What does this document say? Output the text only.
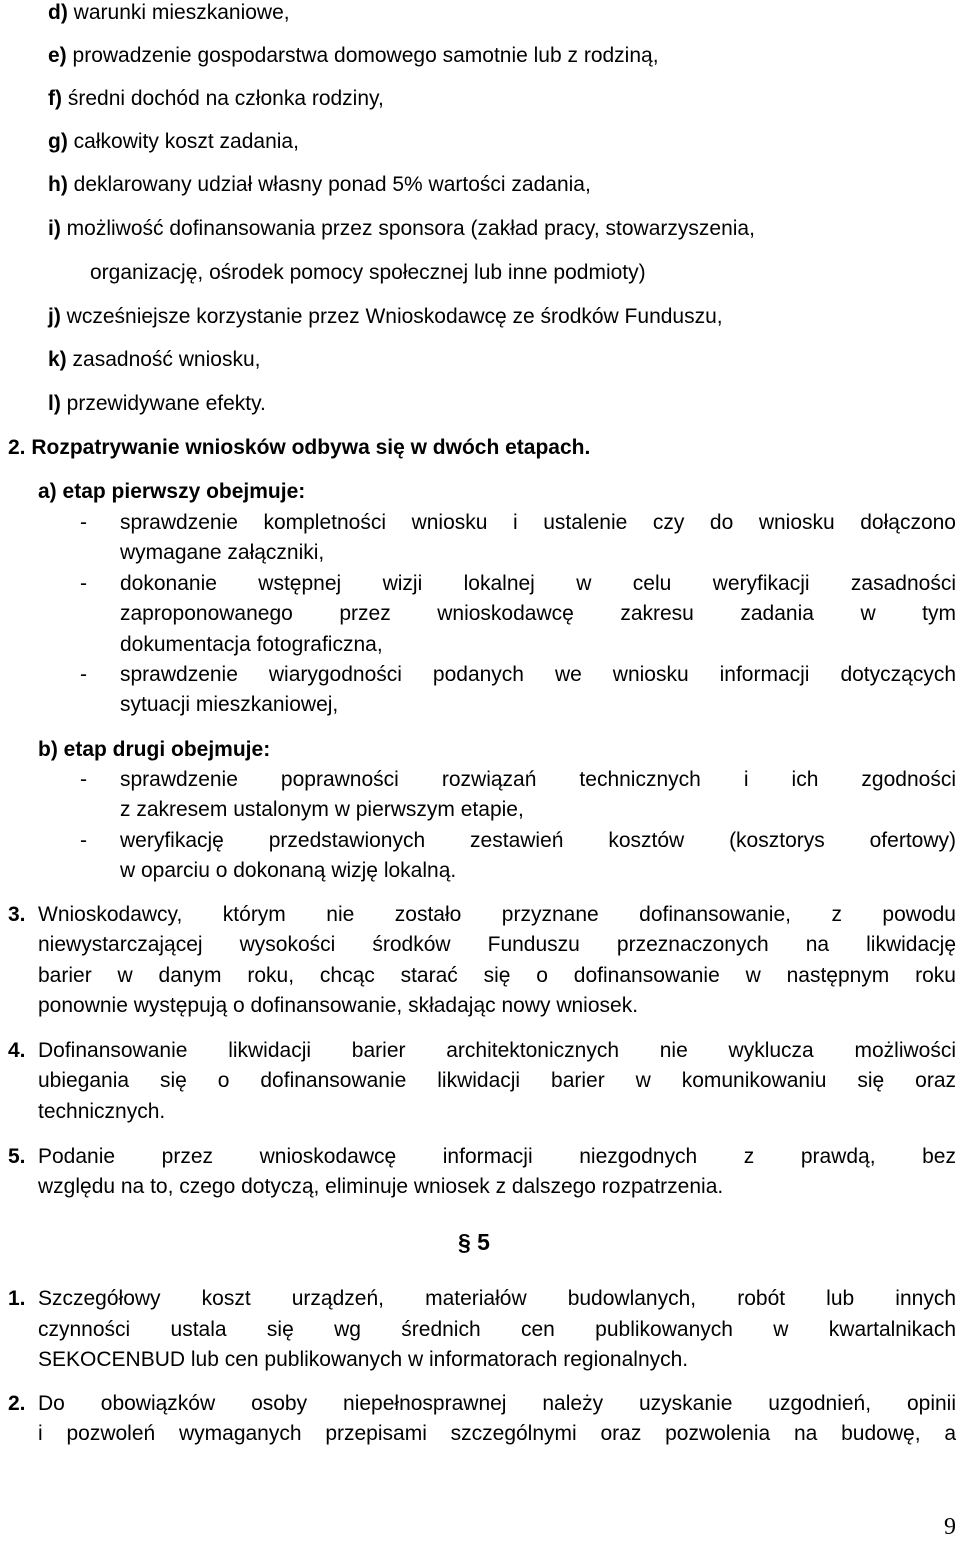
d) warunki mieszkaniowe,
e) prowadzenie gospodarstwa domowego samotnie lub z rodziną,
f) średni dochód na członka rodziny,
g) całkowity koszt zadania,
h) deklarowany udział własny ponad 5% wartości zadania,
i) możliwość dofinansowania przez sponsora (zakład pracy, stowarzyszenia,
organizację, ośrodek pomocy społecznej lub inne podmioty)
j) wcześniejsze korzystanie przez Wnioskodawcę ze środków Funduszu,
k) zasadność wniosku,
l) przewidywane efekty.
2. Rozpatrywanie wniosków odbywa się w dwóch etapach.
a) etap pierwszy obejmuje:
- sprawdzenie kompletności wniosku i ustalenie czy do wniosku dołączono
wymagane załączniki,
- dokonanie wstępnej wizji lokalnej w celu weryfikacji zasadności
zaproponowanego przez wnioskodawcę zakresu zadania w tym
dokumentacja fotograficzna,
- sprawdzenie wiarygodności podanych we wniosku informacji dotyczących
sytuacji mieszkaniowej,
b) etap drugi obejmuje:
- sprawdzenie poprawności rozwiązań technicznych i ich zgodności
z zakresem ustalonym w pierwszym etapie,
- weryfikację przedstawionych zestawień kosztów (kosztorys ofertowy)
w oparciu o dokonaną wizję lokalną.
3. Wnioskodawcy, którym nie zostało przyznane dofinansowanie, z powodu
niewystarczającej wysokości środków Funduszu przeznaczonych na likwidację
barier w danym roku, chcąc starać się o dofinansowanie w następnym roku
ponownie występują o dofinansowanie, składając nowy wniosek.
4. Dofinansowanie likwidacji barier architektonicznych nie wyklucza możliwości
ubiegania się o dofinansowanie likwidacji barier w komunikowaniu się oraz
technicznych.
5. Podanie przez wnioskodawcę informacji niezgodnych z prawdą, bez
względu na to, czego dotyczą, eliminuje wniosek z dalszego rozpatrzenia.
§ 5
1. Szczegółowy koszt urządzeń, materiałów budowlanych, robót lub innych
czynności ustala się wg średnich cen publikowanych w kwartalnikach
SEKOCENBUD lub cen publikowanych w informatorach regionalnych.
2. Do obowiązków osoby niepełnosprawnej należy uzyskanie uzgodnień, opinii
i pozwoleń wymaganych przepisami szczególnymi oraz pozwolenia na budowę, a
9
